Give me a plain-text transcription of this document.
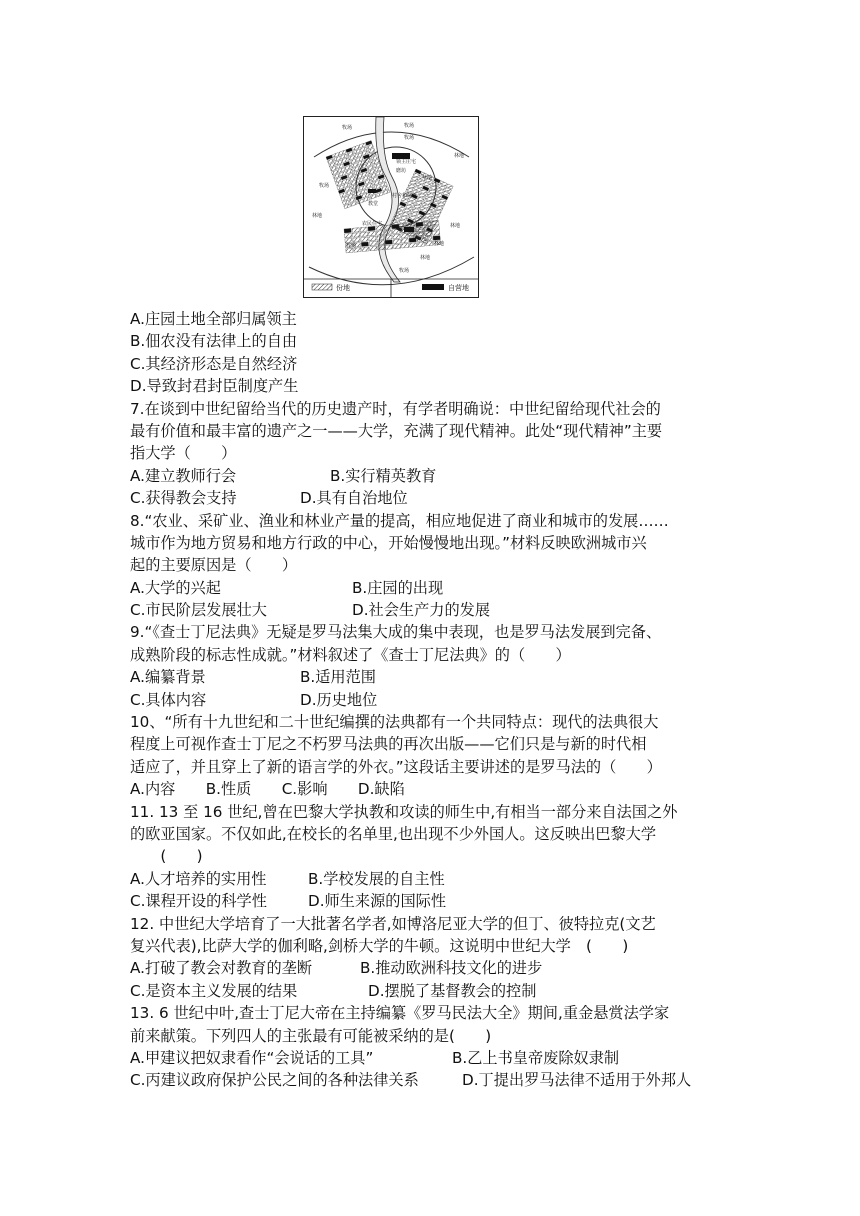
牧场
牧场
林地
牧场
林地
林地
林地
牧场
领主庄宅
磨坊
草地
教堂
村舍和院落
农民住宅
牧场
林地
牧场
份地	自营地
A.庄园土地全部归属领主
B.佃农没有法律上的自由
C.其经济形态是自然经济
D.导致封君封臣制度产生
7.在谈到中世纪留给当代的历史遗产时，有学者明确说：中世纪留给现代社会的
最有价值和最丰富的遗产之一——大学，充满了现代精神。此处“现代精神”主要
指大学（　　）
A.建立教师行会	B.实行精英教育
C.获得教会支持	D.具有自治地位
8.“农业、采矿业、渔业和林业产量的提高，相应地促进了商业和城市的发展……
城市作为地方贸易和地方行政的中心，开始慢慢地出现。”材料反映欧洲城市兴
起的主要原因是（　　）
A.大学的兴起	B.庄园的出现
C.市民阶层发展壮大	D.社会生产力的发展
9.“《查士丁尼法典》无疑是罗马法集大成的集中表现，也是罗马法发展到完备、
成熟阶段的标志性成就。”材料叙述了《查士丁尼法典》的（　　）
A.编纂背景	B.适用范围
C.具体内容	D.历史地位
10、“所有十九世纪和二十世纪编撰的法典都有一个共同特点：现代的法典很大
程度上可视作查士丁尼之不朽罗马法典的再次出版——它们只是与新的时代相
适应了，并且穿上了新的语言学的外衣。”这段话主要讲述的是罗马法的（　　）
A.内容　　B.性质　　C.影响　　D.缺陷
11. 13 至 16 世纪,曾在巴黎大学执教和攻读的师生中,有相当一部分来自法国之外
的欧亚国家。不仅如此,在校长的名单里,也出现不少外国人。这反映出巴黎大学
　　(　　)
A.人才培养的实用性	B.学校发展的自主性
C.课程开设的科学性	D.师生来源的国际性
12. 中世纪大学培育了一大批著名学者,如博洛尼亚大学的但丁、彼特拉克(文艺
复兴代表),比萨大学的伽利略,剑桥大学的牛顿。这说明中世纪大学　(　　)
A.打破了教会对教育的垄断	B.推动欧洲科技文化的进步
C.是资本主义发展的结果	D.摆脱了基督教会的控制
13. 6 世纪中叶,查士丁尼大帝在主持编纂《罗马民法大全》期间,重金悬赏法学家
前来献策。下列四人的主张最有可能被采纳的是(　　)
A.甲建议把奴隶看作“会说话的工具”	B.乙上书皇帝废除奴隶制
C.丙建议政府保护公民之间的各种法律关系	D.丁提出罗马法律不适用于外邦人
